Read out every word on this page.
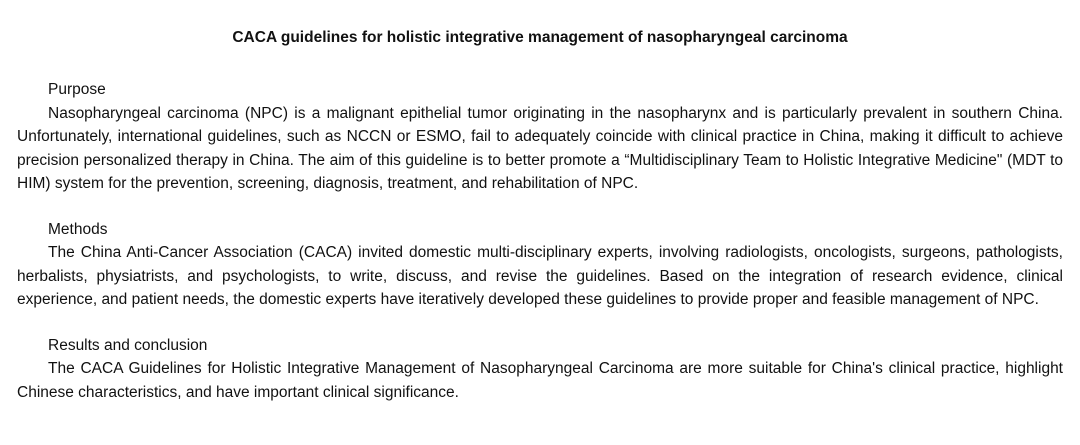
CACA guidelines for holistic integrative management of nasopharyngeal carcinoma
Purpose
Nasopharyngeal carcinoma (NPC) is a malignant epithelial tumor originating in the nasopharynx and is particularly prevalent in southern China. Unfortunately, international guidelines, such as NCCN or ESMO, fail to adequately coincide with clinical practice in China, making it difficult to achieve precision personalized therapy in China. The aim of this guideline is to better promote a “Multidisciplinary Team to Holistic Integrative Medicine" (MDT to HIM) system for the prevention, screening, diagnosis, treatment, and rehabilitation of NPC.
Methods
The China Anti-Cancer Association (CACA) invited domestic multi-disciplinary experts, involving radiologists, oncologists, surgeons, pathologists, herbalists, physiatrists, and psychologists, to write, discuss, and revise the guidelines. Based on the integration of research evidence, clinical experience, and patient needs, the domestic experts have iteratively developed these guidelines to provide proper and feasible management of NPC.
Results and conclusion
The CACA Guidelines for Holistic Integrative Management of Nasopharyngeal Carcinoma are more suitable for China's clinical practice, highlight Chinese characteristics, and have important clinical significance.
